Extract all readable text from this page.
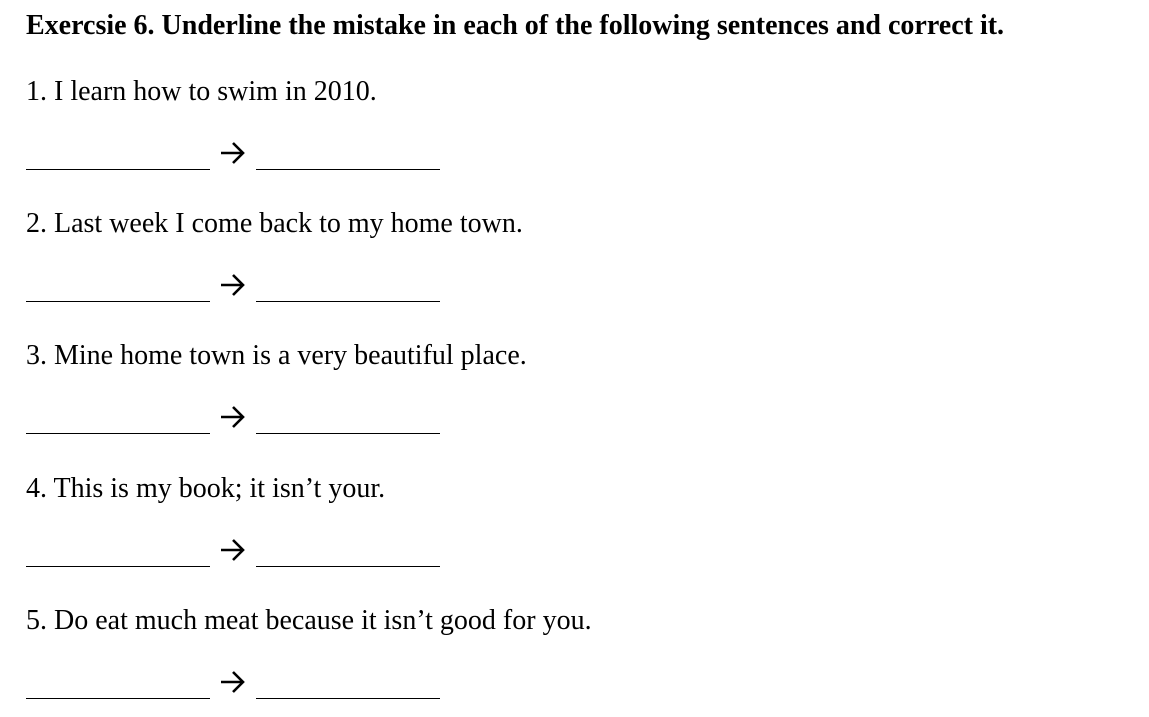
Exercsie 6. Underline the mistake in each of the following sentences and correct it.
1. I learn how to swim in 2010.
2. Last week I come back to my home town.
3. Mine home town is a very beautiful place.
4. This is my book; it isn’t your.
5. Do eat much meat because it isn’t good for you.
